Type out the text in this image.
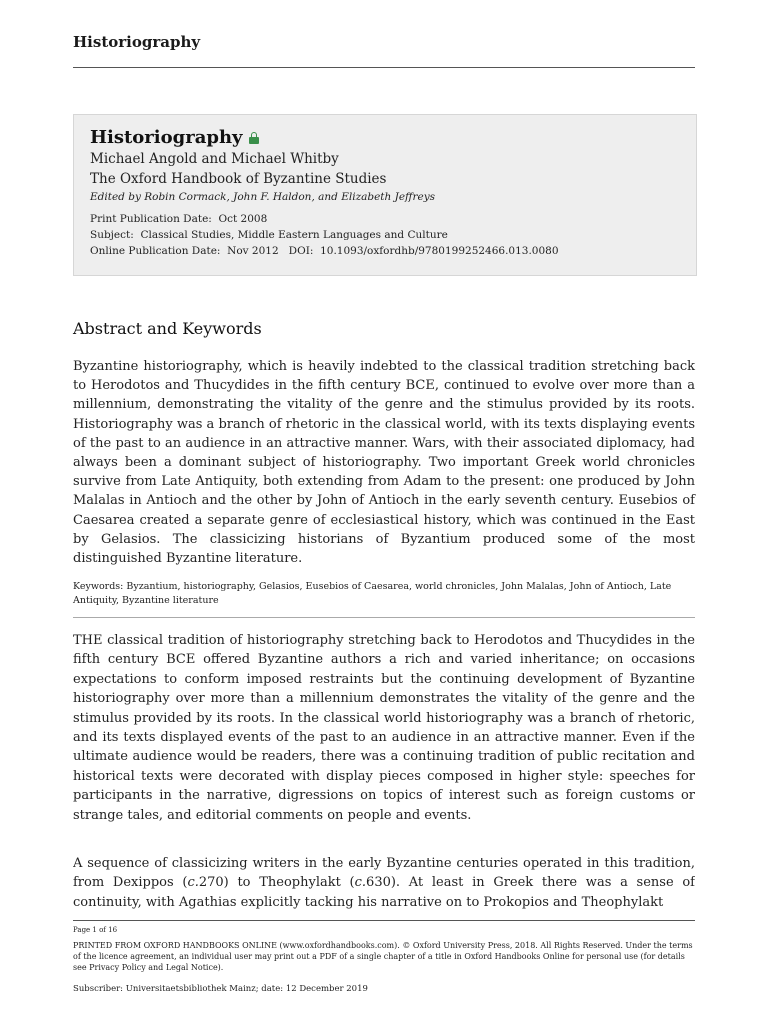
Historiography
Historiography
Michael Angold and Michael Whitby
The Oxford Handbook of Byzantine Studies
Edited by Robin Cormack, John F. Haldon, and Elizabeth Jeffreys
Print Publication Date: Oct 2008
Subject: Classical Studies, Middle Eastern Languages and Culture
Online Publication Date: Nov 2012 DOI: 10.1093/oxfordhb/9780199252466.013.0080
Abstract and Keywords
Byzantine historiography, which is heavily indebted to the classical tradition stretching back to Herodotos and Thucydides in the fifth century BCE, continued to evolve over more than a millennium, demonstrating the vitality of the genre and the stimulus provided by its roots. Historiography was a branch of rhetoric in the classical world, with its texts displaying events of the past to an audience in an attractive manner. Wars, with their associated diplomacy, had always been a dominant subject of historiography. Two important Greek world chronicles survive from Late Antiquity, both extending from Adam to the present: one produced by John Malalas in Antioch and the other by John of Antioch in the early seventh century. Eusebios of Caesarea created a separate genre of ecclesiastical history, which was continued in the East by Gelasios. The classicizing historians of Byzantium produced some of the most distinguished Byzantine literature.
Keywords: Byzantium, historiography, Gelasios, Eusebios of Caesarea, world chronicles, John Malalas, John of Antioch, Late Antiquity, Byzantine literature
THE classical tradition of historiography stretching back to Herodotos and Thucydides in the fifth century BCE offered Byzantine authors a rich and varied inheritance; on occasions expectations to conform imposed restraints but the continuing development of Byzantine historiography over more than a millennium demonstrates the vitality of the genre and the stimulus provided by its roots. In the classical world historiography was a branch of rhetoric, and its texts displayed events of the past to an audience in an attractive manner. Even if the ultimate audience would be readers, there was a continuing tradition of public recitation and historical texts were decorated with display pieces composed in higher style: speeches for participants in the narrative, digressions on topics of interest such as foreign customs or strange tales, and editorial comments on people and events.
A sequence of classicizing writers in the early Byzantine centuries operated in this tradition, from Dexippos (c.270) to Theophylakt (c.630). At least in Greek there was a sense of continuity, with Agathias explicitly tacking his narrative on to Prokopios and Theophylakt
Page 1 of 16
PRINTED FROM OXFORD HANDBOOKS ONLINE (www.oxfordhandbooks.com). © Oxford University Press, 2018. All Rights Reserved. Under the terms of the licence agreement, an individual user may print out a PDF of a single chapter of a title in Oxford Handbooks Online for personal use (for details see Privacy Policy and Legal Notice).
Subscriber: Universitaetsbibliothek Mainz; date: 12 December 2019
